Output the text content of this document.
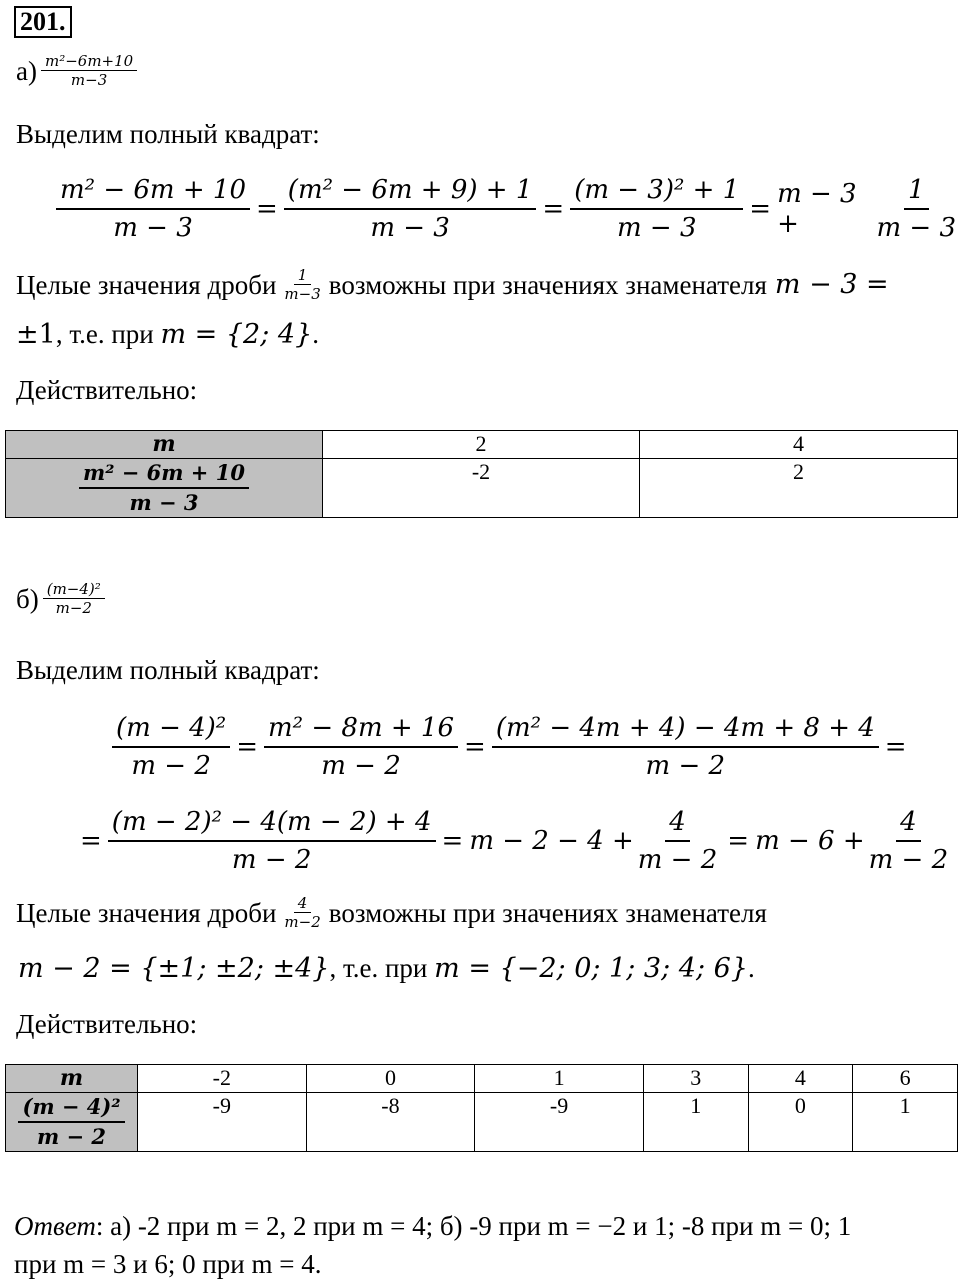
201.
$а) \frac{\text{m²−6m+10}}{m-3}$
Выделим полный квадрат:
$\frac{\text{m² − 6m + 10}}{m - 3} = \frac{\text{(m² − 6m + 9) + 1}}{m - 3} = \frac{\text{(m − 3)² + 1}}{m - 3} = m - 3$ +	$\frac{1}{m - 3}$
Целые значения дроби $\frac{1}{m-3}$ возможны при значениях знаменателя m − 3 =
±1, т.е. при m = {2; 4}.
Действительно:
m	2	4

$\frac{\text{m² − 6m + 10}}{m - 3}$	-2	2
$б) \frac{\text{(m−4)²}}{m-2}$
Выделим полный квадрат:
$\frac{\text{(m − 4)²}}{m - 2} = \frac{\text{m² − 8m + 16}}{m - 2} = \frac{\text{(m² − 4m + 4) − 4m + 8 + 4}}{m - 2}$ =
= $\frac{\text{(m − 2)² − 4(m − 2) + 4}}{m - 2} = m - 2 - 4 + \frac{4}{m - 2} = m - 6 + \frac{4}{m - 2}$
Целые значения дроби $\frac{4}{m-2}$ возможны при значениях знаменателя
m − 2 = {±1; ±2; ±4}, т.е. при m = {−2; 0; 1; 3; 4; 6}.
Действительно:
m	-2	0	1	3	4	6

$\frac{\text{(m − 4)²}}{m - 2}$	-9	-8	-9	1	0	1
Ответ: а) -2 при m = 2, 2 при m = 4; б) -9 при m = −2 и 1; -8 при m = 0; 1
при m = 3 и 6; 0 при m = 4.
